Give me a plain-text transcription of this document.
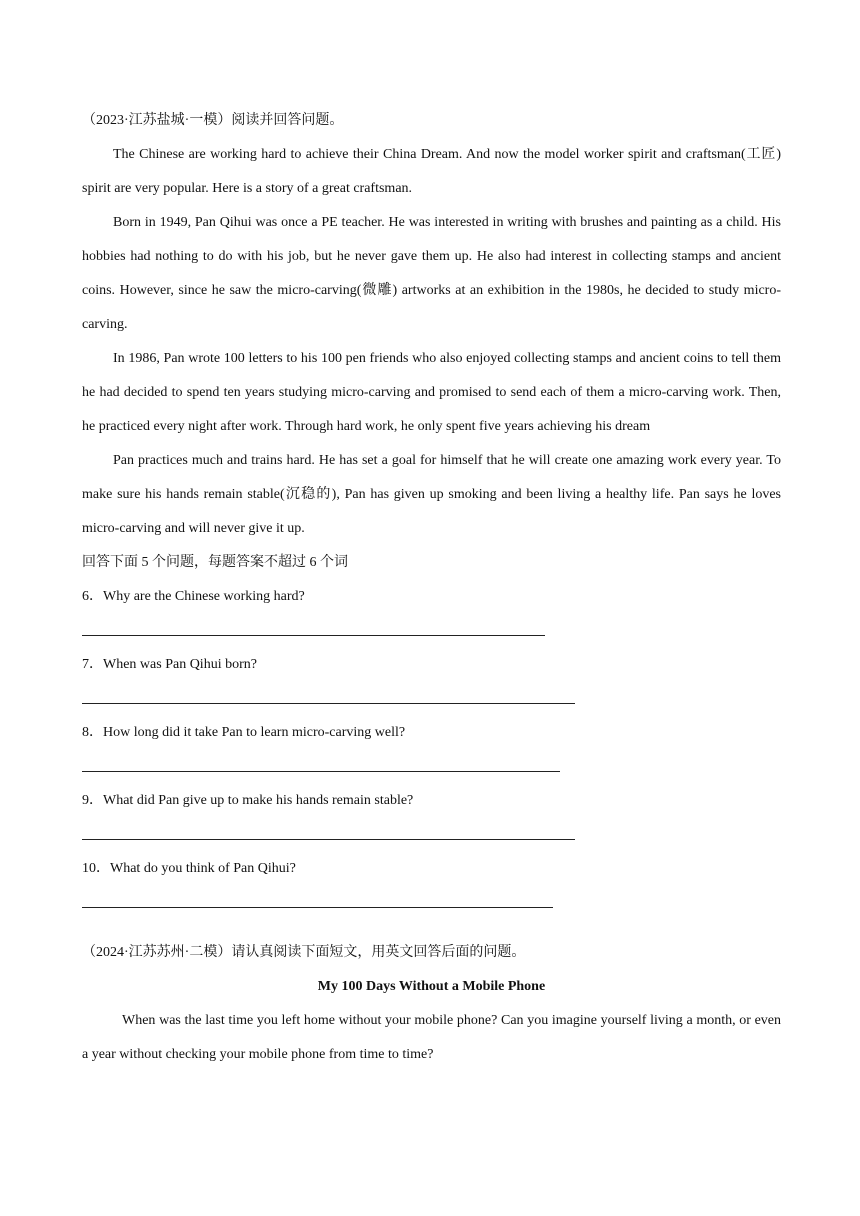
（2023·江苏盐城·一模）阅读并回答问题。

The Chinese are working hard to achieve their China Dream. And now the model worker spirit and craftsman(工匠) spirit are very popular. Here is a story of a great craftsman.

Born in 1949, Pan Qihui was once a PE teacher. He was interested in writing with brushes and painting as a child. His hobbies had nothing to do with his job, but he never gave them up. He also had interest in collecting stamps and ancient coins. However, since he saw the micro-carving(微雕) artworks at an exhibition in the 1980s, he decided to study micro-carving.

In 1986, Pan wrote 100 letters to his 100 pen friends who also enjoyed collecting stamps and ancient coins to tell them he had decided to spend ten years studying micro-carving and promised to send each of them a micro-carving work. Then, he practiced every night after work. Through hard work, he only spent five years achieving his dream

Pan practices much and trains hard. He has set a goal for himself that he will create one amazing work every year. To make sure his hands remain stable(沉稳的), Pan has given up smoking and been living a healthy life. Pan says he loves micro-carving and will never give it up.

回答下面 5 个问题，每题答案不超过 6 个词

6．Why are the Chinese working hard?

7．When was Pan Qihui born?

8．How long did it take Pan to learn micro-carving well?

9．What did Pan give up to make his hands remain stable?

10．What do you think of Pan Qihui?

（2024·江苏苏州·二模）请认真阅读下面短文，用英文回答后面的问题。

My 100 Days Without a Mobile Phone

When was the last time you left home without your mobile phone? Can you imagine yourself living a month, or even a year without checking your mobile phone from time to time?
